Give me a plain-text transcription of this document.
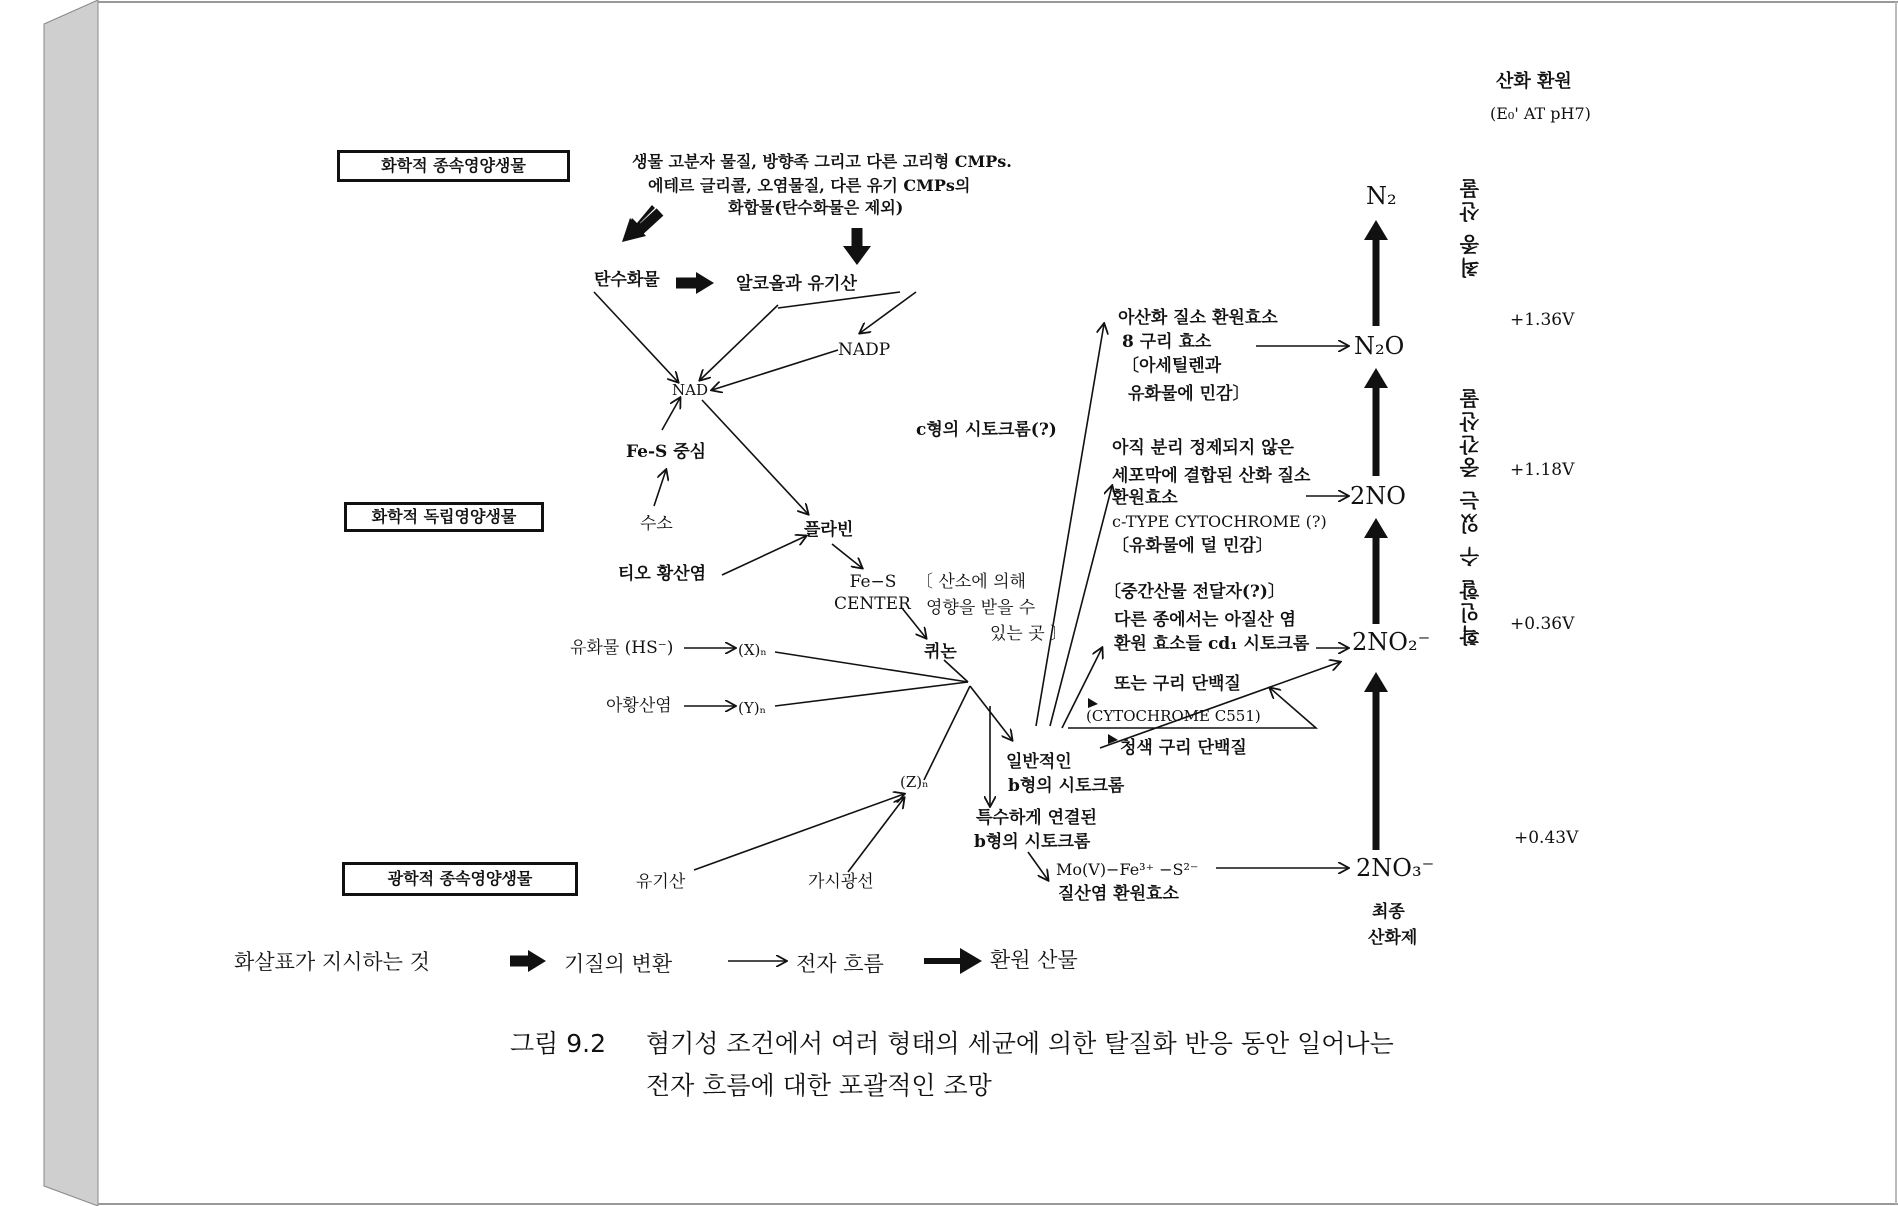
산화 환원
(E₀' AT pH7)
화학적 종속영양생물
화학적 독립영양생물
광학적 종속영양생물
생물 고분자 물질, 방향족 그리고 다른 고리형 CMPs.
에테르 글리콜, 오염물질, 다른 유기 CMPs의
화합물(탄수화물은 제외)
탄수화물	알코올과 유기산
NADP
NAD
Fe-S 중심
수소	플라빈
티오 황산염	Fe−S
CENTER
〔 산소에 의해
영향을 받을 수
있는 곳 〕
퀴논
유화물 (HS⁻)	(X)ₙ
아황산염	(Y)ₙ
(Z)ₙ
유기산	가시광선
c형의 시토크롬(?)
아산화 질소 환원효소
8 구리 효소
〔아세틸렌과
유화물에 민감〕
아직 분리 정제되지 않은
세포막에 결합된 산화 질소
환원효소
c-TYPE CYTOCHROME (?)
〔유화물에 덜 민감〕
〔중간산물 전달자(?)〕
다른 종에서는 아질산 염
환원 효소들 cd₁ 시토크롬
또는 구리 단백질
(CYTOCHROME C551)
청색 구리 단백질
일반적인
b형의 시토크롬
특수하게 연결된
b형의 시토크롬
Mo(V)−Fe³⁺ −S²⁻
질산염 환원효소
N₂
N₂O
2NO
2NO₂⁻
2NO₃⁻
최종
산화제
최종 산물
확인할 수 있는 중간산물
+1.36V
+1.18V
+0.36V
+0.43V
화살표가 지시하는 것	기질의 변환	전자 흐름	환원 산물
그림 9.2 혐기성 조건에서 여러 형태의 세균에 의한 탈질화 반응 동안 일어나는
전자 흐름에 대한 포괄적인 조망
